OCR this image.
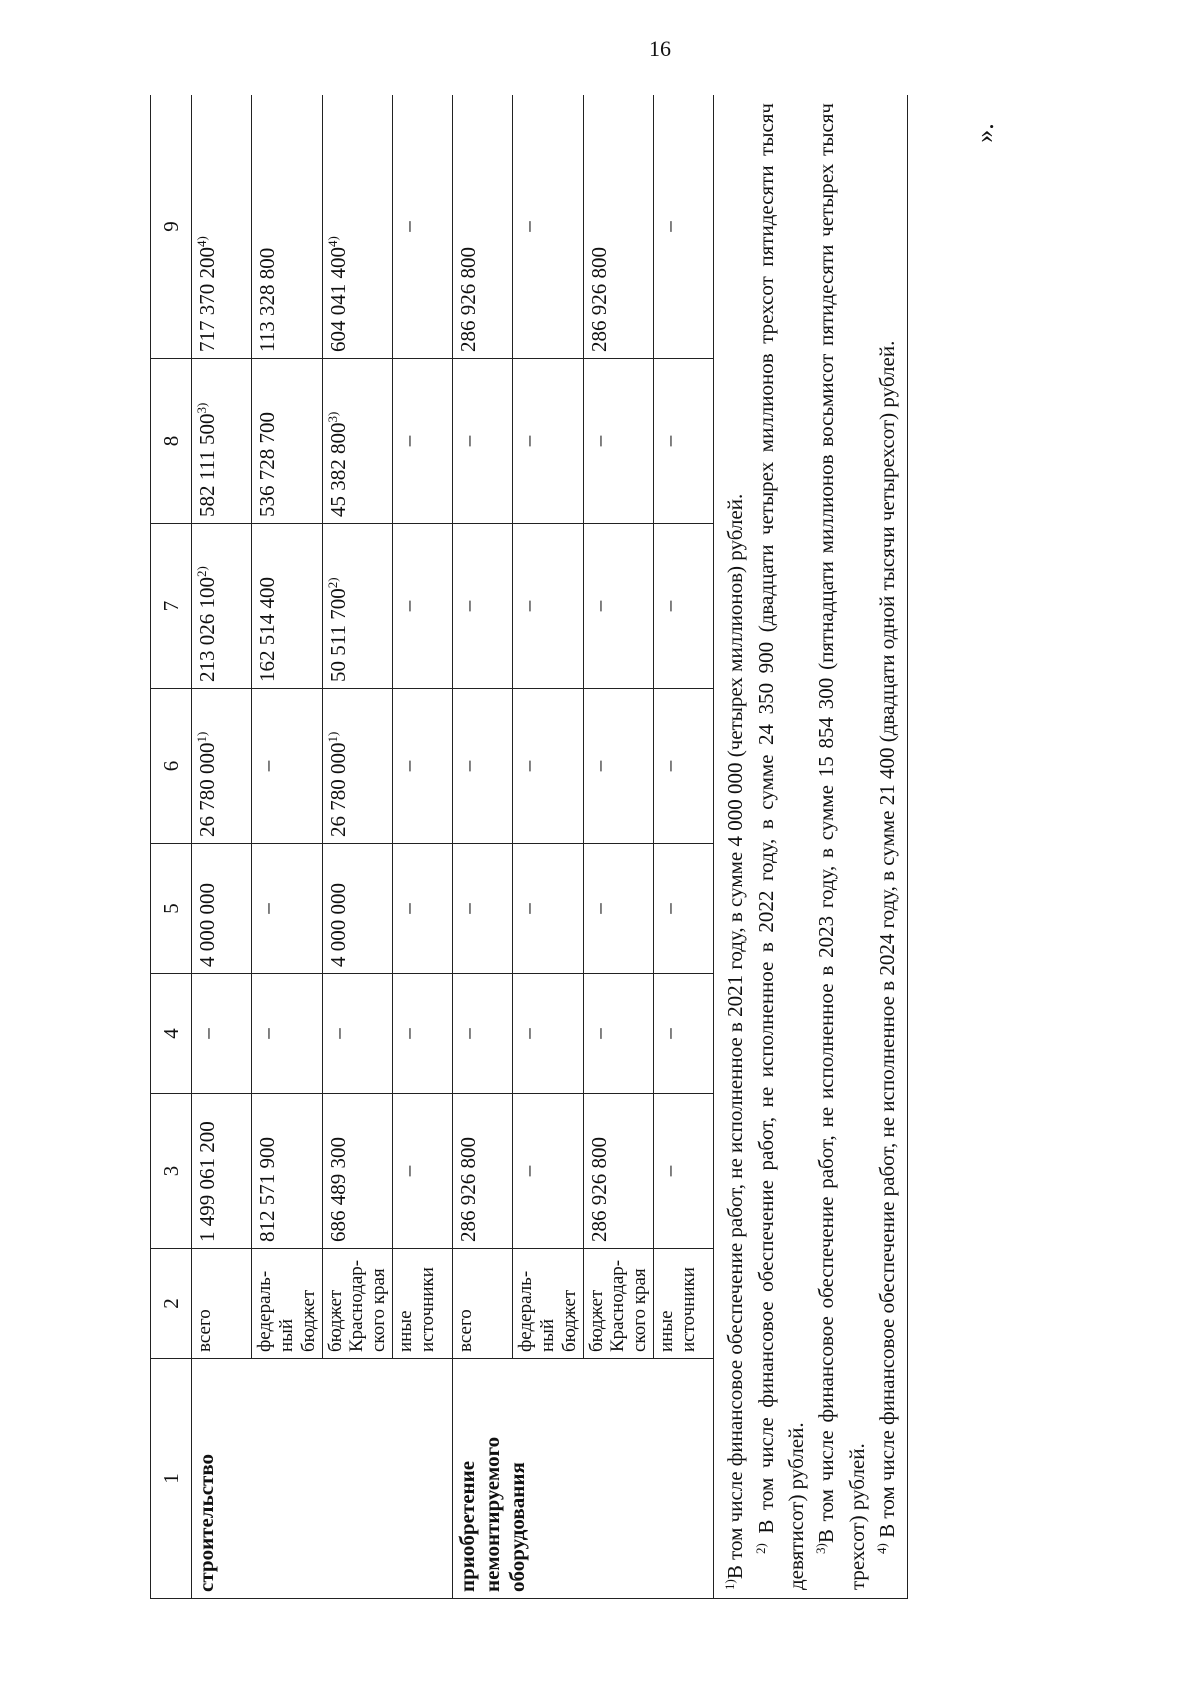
16
».
1	2	3	4	5	6	7	8	9
строительство	всего	1 499 061 200	–	4 000 000	26 780 000$^{1)}$	213 026 100$^{2)}$	582 111 500$^{3)}$	717 370 200$^{4)}$
	федераль-ный бюджет	812 571 900	–	–	–	162 514 400	536 728 700	113 328 800
	бюджет Краснодар-ского края	686 489 300	–	4 000 000	26 780 000$^{1)}$	50 511 700$^{2)}$	45 382 800$^{3)}$	604 041 400$^{4)}$
	иные источники	–	–	–	–	–	–	–
приобретение немонтируемого оборудования	всего	286 926 800	–	–	–	–	–	286 926 800
	федераль-ный бюджет	–	–	–	–	–	–	–
	бюджет Краснодар-ского края	286 926 800	–	–	–	–	–	286 926 800
	иные источники	–	–	–	–	–	–	–

$^{1)}$В том числе финансовое обеспечение работ, не исполненное в 2021 году, в сумме 4 000 000 (четырех миллионов) рублей. $^{2)}$ В том числе финансовое обеспечение работ, не исполненное в 2022 году, в сумме 24 350 900 (двадцати четырех миллионов трехсот пятидесяти тысяч девятисот) рублей. $^{3)}$В том числе финансовое обеспечение работ, не исполненное в 2023 году, в сумме 15 854 300 (пятнадцати миллионов восьмисот пятидесяти четырех тысяч трехсот) рублей. $^{4)}$ В том числе финансовое обеспечение работ, не исполненное в 2024 году, в сумме 21 400 (двадцати одной тысячи четырехсот) рублей.								
